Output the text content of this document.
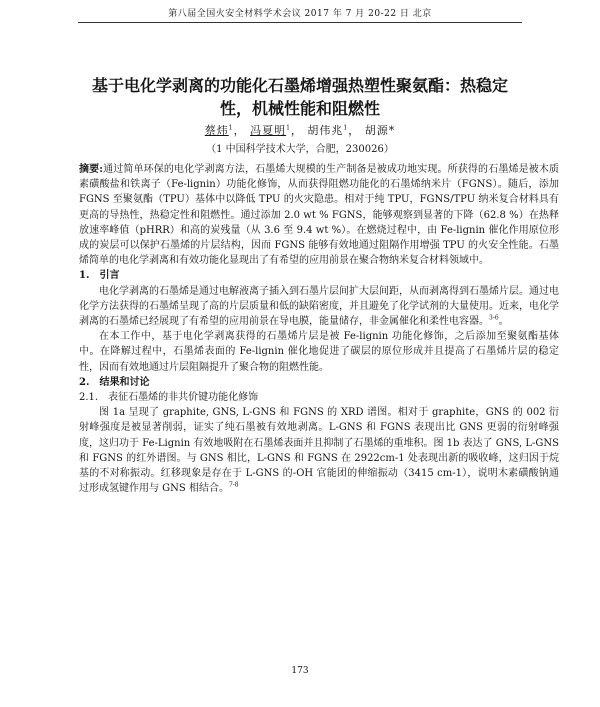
第八届全国火安全材料学术会议 2017 年 7 月 20-22 日 北京
基于电化学剥离的功能化石墨烯增强热塑性聚氨酯：热稳定性，机械性能和阻燃性
蔡炜$^1$， 冯夏明$^1$， 胡伟兆$^1$， 胡源*
（1 中国科学技术大学，合肥，230026）

摘要:通过简单环保的电化学剥离方法，石墨烯大规模的生产制备是被成功地实现。所获得的石墨烯是被木质素磺酸盐和铁离子（Fe-lignin）功能化修饰，从而获得阻燃功能化的石墨烯纳米片（FGNS）。随后，添加 FGNS 至聚氨酯（TPU）基体中以降低 TPU 的火灾隐患。相对于纯 TPU，FGNS/TPU 纳米复合材料具有更高的导热性，热稳定性和阻燃性。通过添加 2.0 wt % FGNS，能够观察到显著的下降（62.8 %）在热释放速率峰值（pHRR）和高的炭残量（从 3.6 至 9.4 wt %）。在燃烧过程中，由 Fe-lignin 催化作用原位形成的炭层可以保护石墨烯的片层结构，因而 FGNS 能够有效地通过阻隔作用增强 TPU 的火安全性能。石墨烯简单的电化学剥离和有效功能化显现出了有希望的应用前景在聚合物纳米复合材料领域中。

1.　引言

电化学剥离的石墨烯是通过电解液离子插入到石墨片层间扩大层间距，从而剥离得到石墨烯片层。通过电化学方法获得的石墨烯呈现了高的片层质量和低的缺陷密度，并且避免了化学试剂的大量使用。近来，电化学剥离的石墨烯已经展现了有希望的应用前景在导电膜，能量储存，非金属催化和柔性电容器。$^{3-6}$。

在本工作中，基于电化学剥离获得的石墨烯片层是被 Fe-lignin 功能化修饰，之后添加至聚氨酯基体中。在降解过程中，石墨烯表面的 Fe-lignin 催化地促进了碳层的原位形成并且提高了石墨烯片层的稳定性，因而有效地通过片层阻隔提升了聚合物的阻燃性能。

2.　结果和讨论

2.1.　表征石墨烯的非共价键功能化修饰

图 1a 呈现了 graphite, GNS, L-GNS 和 FGNS 的 XRD 谱图。相对于 graphite，GNS 的 002 衍射峰强度是被显著削弱，证实了纯石墨被有效地剥离。L-GNS 和 FGNS 表现出比 GNS 更弱的衍射峰强度，这归功于 Fe-Lignin 有效地吸附在石墨烯表面并且抑制了石墨烯的重堆积。图 1b 表达了 GNS, L-GNS 和 FGNS 的红外谱图。与 GNS 相比，L-GNS 和 FGNS 在 2922cm-1 处表现出新的吸收峰，这归因于烷基的不对称振动。红移现象是存在于 L-GNS 的-OH 官能团的伸缩振动（3415 cm-1），说明木素磺酸钠通过形成氢键作用与 GNS 相结合。$^{7-8}$

173
